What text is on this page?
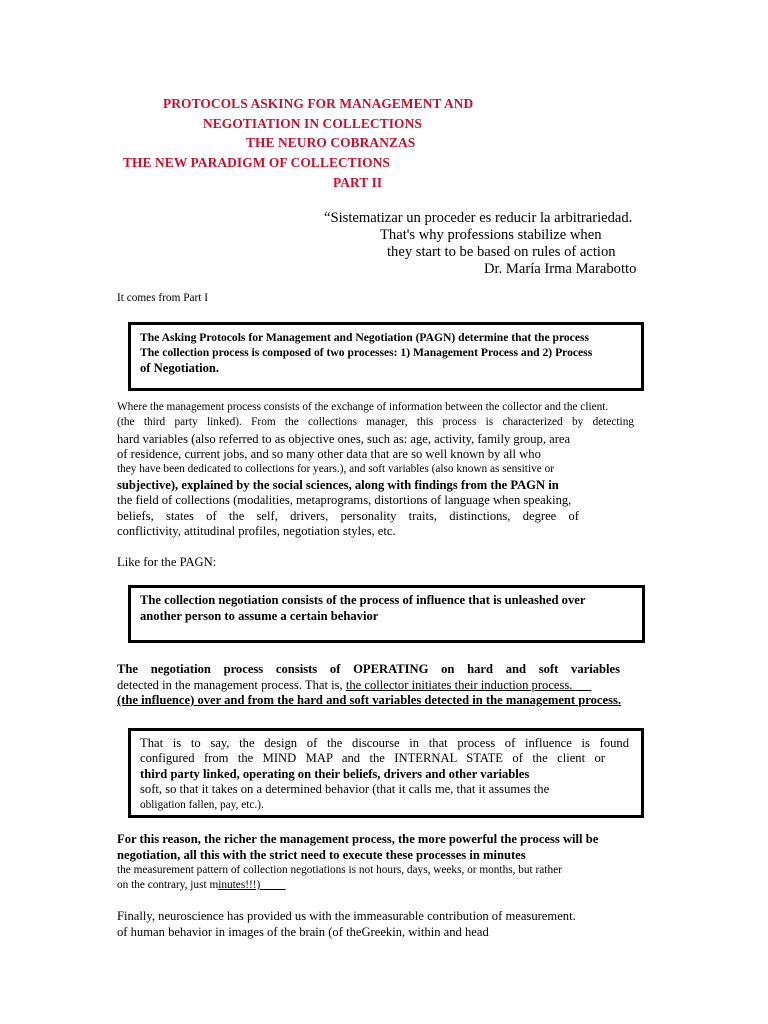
PROTOCOLS ASKING FOR MANAGEMENT AND
NEGOTIATION IN COLLECTIONS
THE NEURO COBRANZAS
THE NEW PARADIGM OF COLLECTIONS
PART II
“Sistematizar un proceder es reducir la arbitrariedad.
That's why professions stabilize when
they start to be based on rules of action
Dr. María Irma Marabotto
It comes from Part I
The Asking Protocols for Management and Negotiation (PAGN) determine that the process
The collection process is composed of two processes: 1) Management Process and 2) Process
of Negotiation.
Where the management process consists of the exchange of information between the collector and the client.
(the third party linked). From the collections manager, this process is characterized by detecting
hard variables (also referred to as objective ones, such as: age, activity, family group, area
of residence, current jobs, and so many other data that are so well known by all who
they have been dedicated to collections for years.), and soft variables (also known as sensitive or
subjective), explained by the social sciences, along with findings from the PAGN in
the field of collections (modalities, metaprograms, distortions of language when speaking,
beliefs, states of the self, drivers, personality traits, distinctions, degree of
conflictivity, attitudinal profiles, negotiation styles, etc.
Like for the PAGN:
The collection negotiation consists of the process of influence that is unleashed over
another person to assume a certain behavior
The negotiation process consists of OPERATING on hard and soft variables
detected in the management process. That is, the collector initiates their induction process.
(the influence) over and from the hard and soft variables detected in the management process.
That is to say, the design of the discourse in that process of influence is found
configured from the MIND MAP and the INTERNAL STATE of the client or
third party linked, operating on their beliefs, drivers and other variables
soft, so that it takes on a determined behavior (that it calls me, that it assumes the
obligation fallen, pay, etc.).
For this reason, the richer the management process, the more powerful the process will be
negotiation, all this with the strict need to execute these processes in minutes
the measurement pattern of collection negotiations is not hours, days, weeks, or months, but rather
on the contrary, just minutes!!!)
Finally, neuroscience has provided us with the immeasurable contribution of measurement.
of human behavior in images of the brain (of theGreekin, within and head
